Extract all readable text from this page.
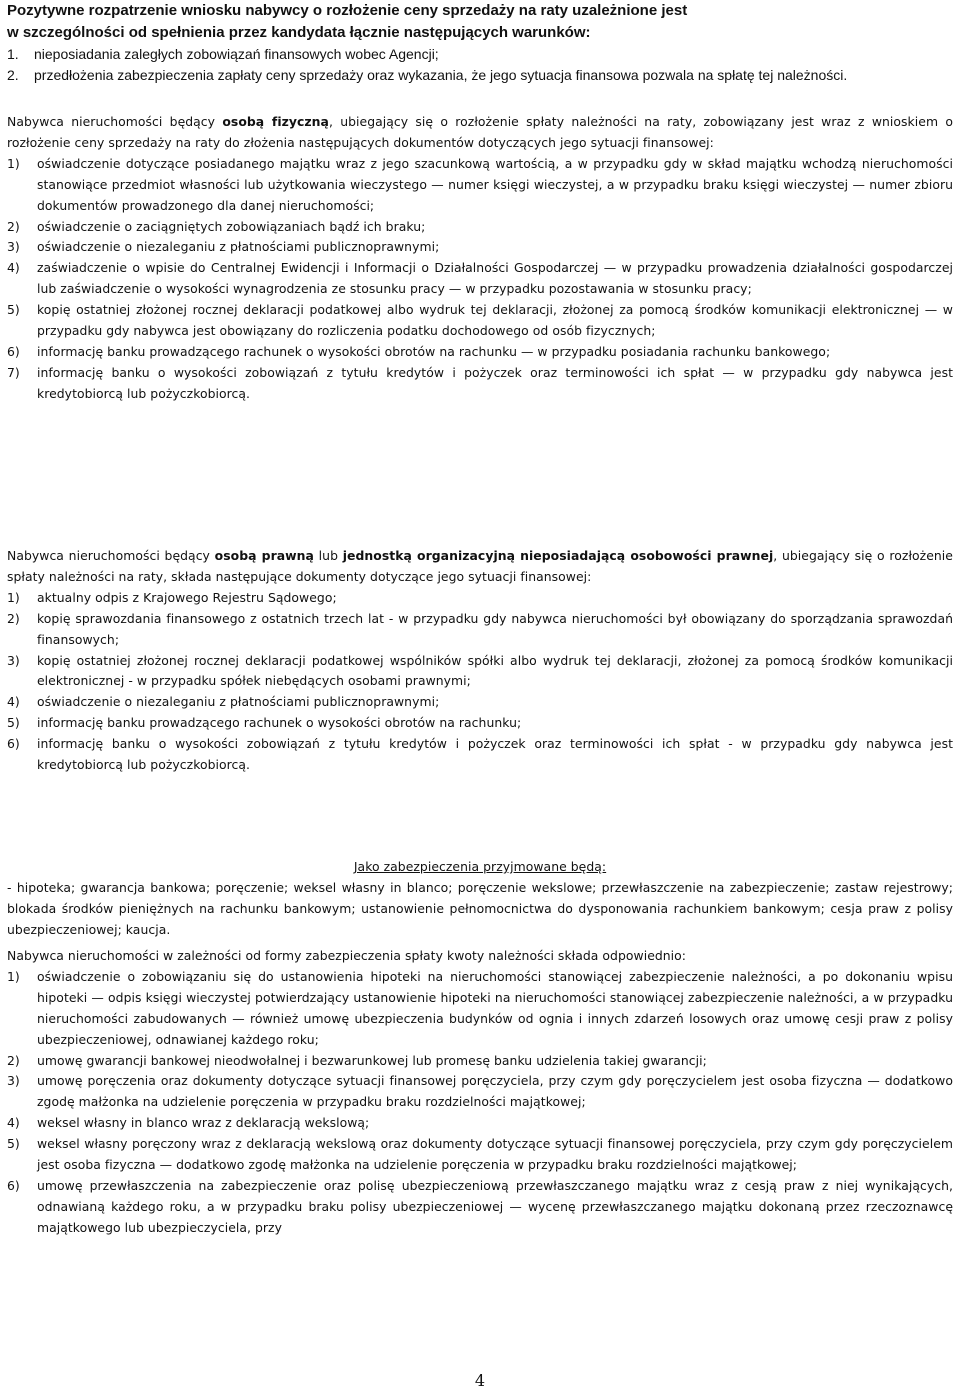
Pozytywne rozpatrzenie wniosku nabywcy o rozłożenie ceny sprzedaży na raty uzależnione jest
w szczególności od spełnienia przez kandydata łącznie następujących warunków:
1.	nieposiadania zaległych zobowiązań finansowych wobec Agencji;
2.	przedłożenia zabezpieczenia zapłaty ceny sprzedaży oraz wykazania, że jego sytuacja finansowa pozwala na spłatę tej należności.

Nabywca nieruchomości będący osobą fizyczną, ubiegający się o rozłożenie spłaty należności na raty, zobowiązany jest wraz z wnioskiem o rozłożenie ceny sprzedaży na raty do złożenia następujących dokumentów dotyczących jego sytuacji finansowej:

1)	oświadczenie dotyczące posiadanego majątku wraz z jego szacunkową wartością, a w przypadku gdy w skład majątku wchodzą nieruchomości stanowiące przedmiot własności lub użytkowania wieczystego — numer księgi wieczystej, a w przypadku braku księgi wieczystej — numer zbioru dokumentów prowadzonego dla danej nieruchomości;
2)	oświadczenie o zaciągniętych zobowiązaniach bądź ich braku;
3)	oświadczenie o niezaleganiu z płatnościami publicznoprawnymi;
4)	zaświadczenie o wpisie do Centralnej Ewidencji i Informacji o Działalności Gospodarczej — w przypadku prowadzenia działalności gospodarczej lub zaświadczenie o wysokości wynagrodzenia ze stosunku pracy — w przypadku pozostawania w stosunku pracy;
5)	kopię ostatniej złożonej rocznej deklaracji podatkowej albo wydruk tej deklaracji, złożonej za pomocą środków komunikacji elektronicznej — w przypadku gdy nabywca jest obowiązany do rozliczenia podatku dochodowego od osób fizycznych;
6)	informację banku prowadzącego rachunek o wysokości obrotów na rachunku — w przypadku posiadania rachunku bankowego;
7)	informację banku o wysokości zobowiązań z tytułu kredytów i pożyczek oraz terminowości ich spłat — w przypadku gdy nabywca jest kredytobiorcą lub pożyczkobiorcą.

Nabywca nieruchomości będący osobą prawną lub jednostką organizacyjną nieposiadającą osobowości prawnej, ubiegający się o rozłożenie spłaty należności na raty, składa następujące dokumenty dotyczące jego sytuacji finansowej:

1)	aktualny odpis z Krajowego Rejestru Sądowego;
2)	kopię sprawozdania finansowego z ostatnich trzech lat - w przypadku gdy nabywca nieruchomości był obowiązany do sporządzania sprawozdań finansowych;
3)	kopię ostatniej złożonej rocznej deklaracji podatkowej wspólników spółki albo wydruk tej deklaracji, złożonej za pomocą środków komunikacji elektronicznej - w przypadku spółek niebędących osobami prawnymi;
4)	oświadczenie o niezaleganiu z płatnościami publicznoprawnymi;
5)	informację banku prowadzącego rachunek o wysokości obrotów na rachunku;
6)	informację banku o wysokości zobowiązań z tytułu kredytów i pożyczek oraz terminowości ich spłat - w przypadku gdy nabywca jest kredytobiorcą lub pożyczkobiorcą.

Jako zabezpieczenia przyjmowane będą:

- hipoteka; gwarancja bankowa; poręczenie; weksel własny in blanco; poręczenie wekslowe; przewłaszczenie na zabezpieczenie; zastaw rejestrowy; blokada środków pieniężnych na rachunku bankowym; ustanowienie pełnomocnictwa do dysponowania rachunkiem bankowym; cesja praw z polisy ubezpieczeniowej; kaucja.

Nabywca nieruchomości w zależności od formy zabezpieczenia spłaty kwoty należności składa odpowiednio:

1)	oświadczenie o zobowiązaniu się do ustanowienia hipoteki na nieruchomości stanowiącej zabezpieczenie należności, a po dokonaniu wpisu hipoteki — odpis księgi wieczystej potwierdzający ustanowienie hipoteki na nieruchomości stanowiącej zabezpieczenie należności, a w przypadku nieruchomości zabudowanych — również umowę ubezpieczenia budynków od ognia i innych zdarzeń losowych oraz umowę cesji praw z polisy ubezpieczeniowej, odnawianej każdego roku;
2)	umowę gwarancji bankowej nieodwołalnej i bezwarunkowej lub promesę banku udzielenia takiej gwarancji;
3)	umowę poręczenia oraz dokumenty dotyczące sytuacji finansowej poręczyciela, przy czym gdy poręczycielem jest osoba fizyczna — dodatkowo zgodę małżonka na udzielenie poręczenia w przypadku braku rozdzielności majątkowej;
4)	weksel własny in blanco wraz z deklaracją wekslową;
5)	weksel własny poręczony wraz z deklaracją wekslową oraz dokumenty dotyczące sytuacji finansowej poręczyciela, przy czym gdy poręczycielem jest osoba fizyczna — dodatkowo zgodę małżonka na udzielenie poręczenia w przypadku braku rozdzielności majątkowej;
6)	umowę przewłaszczenia na zabezpieczenie oraz polisę ubezpieczeniową przewłaszczanego majątku wraz z cesją praw z niej wynikających, odnawianą każdego roku, a w przypadku braku polisy ubezpieczeniowej — wycenę przewłaszczanego majątku dokonaną przez rzeczoznawcę majątkowego lub ubezpieczyciela, przy
4
